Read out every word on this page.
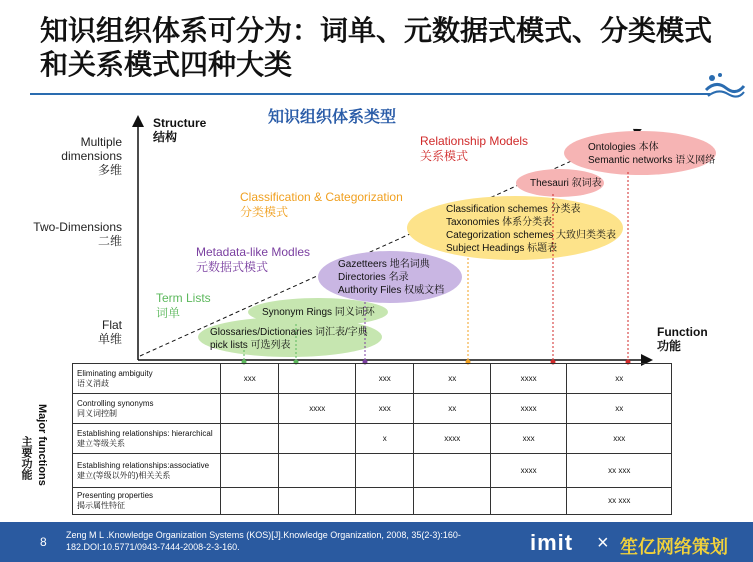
知识组织体系可分为：词单、元数据式模式、分类模式和关系模式四种大类
知识组织体系类型
Structure
结构
Function
功能
Multiple dimensions
多维
Two-Dimensions
二维
Flat
单维
Term Lists
词单
Metadata-like Modles
元数据式模式
Classification & Categorization
分类模式
Relationship Models
关系模式
Glossaries/Dictionaries 词汇表/字典
pick lists 可选列表
Synonym Rings 同义词环
Gazetteers 地名词典
Directories 名录
Authority Files 权威文档
Classification schemes 分类表
Taxonomies 体系分类表
Categorization schemes 大致归类类表
Subject Headings 标题表
Thesauri 叙词表
Ontologies 本体
Semantic networks 语义网络
Major functions
主要功能
Eliminating ambiguity
语义消歧	xxx		xxx	xx	xxxx	xx

Controlling synonyms
同义词控制		xxxx	xxx	xx	xxxx	xx

Establishing relationships: hierarchical
建立等级关系			x	xxxx	xxx	xxx

Establishing relationships:associative
建立(等级以外的)相关关系					xxxx	xx xxx

Presenting properties
揭示属性特征						xx xxx
8 Zeng M L .Knowledge Organization Systems (KOS)[J].Knowledge Organization, 2008, 35(2-3):160-182.DOI:10.5771/0943-7444-2008-2-3-160.	imit × 笙亿网络策划
